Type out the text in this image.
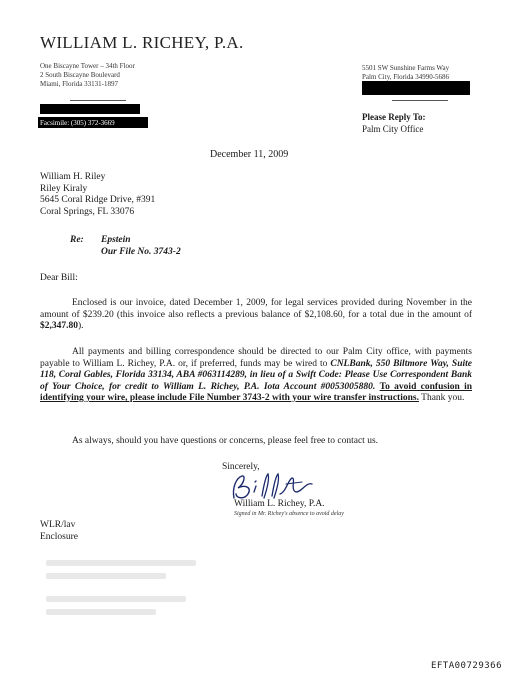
WILLIAM L. RICHEY, P.A.
One Biscayne Tower – 34th Floor
2 South Biscayne Boulevard
Miami, Florida 33131-1897
Facsimile: (305) 372-3669
5501 SW Sunshine Farms Way
Palm City, Florida 34990-5686
Please Reply To:
Palm City Office
December 11, 2009
William H. Riley
Riley Kiraly
5645 Coral Ridge Drive, #391
Coral Springs, FL 33076
Re: Epstein
Our File No. 3743-2
Dear Bill:
Enclosed is our invoice, dated December 1, 2009, for legal services provided during November in the amount of $239.20 (this invoice also reflects a previous balance of $2,108.60, for a total due in the amount of $2,347.80).
All payments and billing correspondence should be directed to our Palm City office, with payments payable to William L. Richey, P.A. or, if preferred, funds may be wired to CNLBank, 550 Biltmore Way, Suite 118, Coral Gables, Florida 33134, ABA #063114289, in lieu of a Swift Code: Please Use Correspondent Bank of Your Choice, for credit to William L. Richey, P.A. Iota Account #0053005880. To avoid confusion in identifying your wire, please include File Number 3743-2 with your wire transfer instructions. Thank you.
As always, should you have questions or concerns, please feel free to contact us.
Sincerely,
William L. Richey, P.A.
Signed in Mr. Richey's absence to avoid delay
WLR/lav
Enclosure
EFTA00729366
